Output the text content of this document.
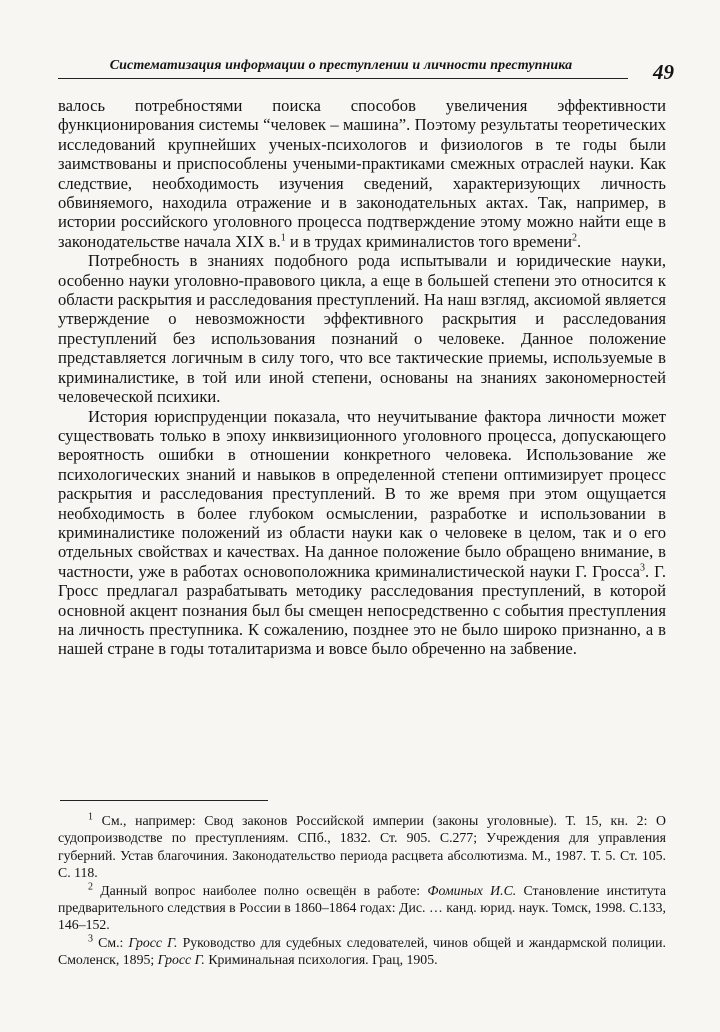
Систематизация информации о преступлении и личности преступника	49

валось потребностями поиска способов увеличения эффективности функционирования системы “человек – машина”. Поэтому результаты теоретических исследований крупнейших ученых-психологов и физиологов в те годы были заимствованы и приспособлены учеными-практиками смежных отраслей науки. Как следствие, необходимость изучения сведений, характеризующих личность обвиняемого, находила отражение и в законодательных актах. Так, например, в истории российского уголовного процесса подтверждение этому можно найти еще в законодательстве начала XIX в.$^1$ и в трудах криминалистов того времени$^2$.

Потребность в знаниях подобного рода испытывали и юридические науки, особенно науки уголовно-правового цикла, а еще в большей степени это относится к области раскрытия и расследования преступлений. На наш взгляд, аксиомой является утверждение о невозможности эффективного раскрытия и расследования преступлений без использования познаний о человеке. Данное положение представляется логичным в силу того, что все тактические приемы, используемые в криминалистике, в той или иной степени, основаны на знаниях закономерностей человеческой психики.

История юриспруденции показала, что неучитывание фактора личности может существовать только в эпоху инквизиционного уголовного процесса, допускающего вероятность ошибки в отношении конкретного человека. Использование же психологических знаний и навыков в определенной степени оптимизирует процесс раскрытия и расследования преступлений. В то же время при этом ощущается необходимость в более глубоком осмыслении, разработке и использовании в криминалистике положений из области науки как о человеке в целом, так и о его отдельных свойствах и качествах. На данное положение было обращено внимание, в частности, уже в работах основоположника криминалистической науки Г. Гросса$^3$. Г. Гросс предлагал разрабатывать методику расследования преступлений, в которой основной акцент познания был бы смещен непосредственно с события преступления на личность преступника. К сожалению, позднее это не было широко признанно, а в нашей стране в годы тоталитаризма и вовсе было обреченно на забвение.

$^1$ См., например: Свод законов Российской империи (законы уголовные). Т. 15, кн. 2: О судопроизводстве по преступлениям. СПб., 1832. Ст. 905. С.277; Учреждения для управления губерний. Устав благочиния. Законодательство периода расцвета абсолютизма. М., 1987. Т. 5. Ст. 105. С. 118.

$^2$ Данный вопрос наиболее полно освещён в работе: Фоминых И.С. Становление института предварительного следствия в России в 1860–1864 годах: Дис. … канд. юрид. наук. Томск, 1998. С.133, 146–152.

$^3$ См.: Гросс Г. Руководство для судебных следователей, чинов общей и жандармской полиции. Смоленск, 1895; Гросс Г. Криминальная психология. Грац, 1905.
